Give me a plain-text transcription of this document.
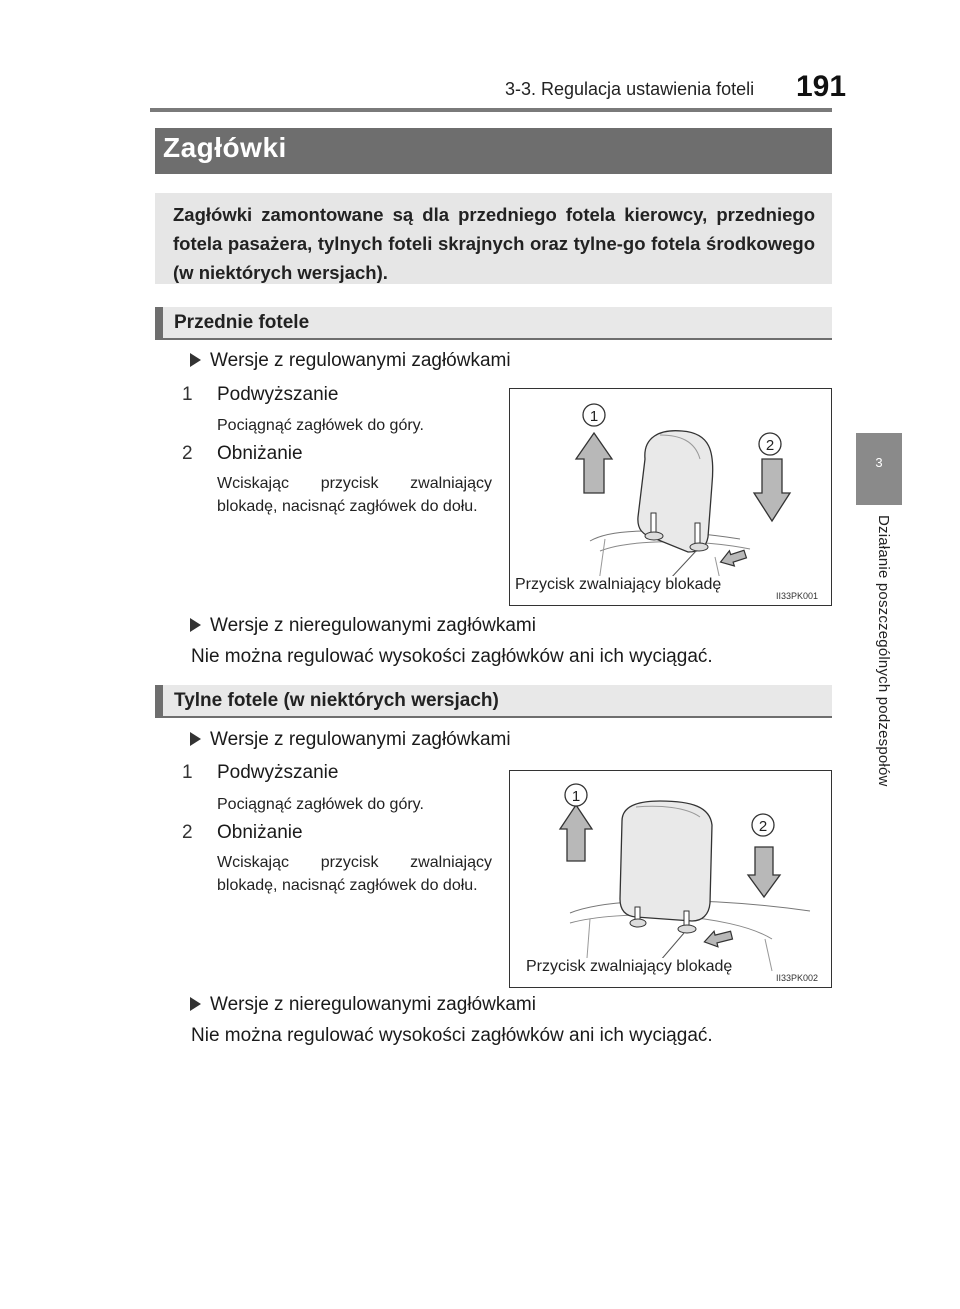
3-3. Regulacja ustawienia foteli 191
3
Działanie poszczególnych podzespołów
Zagłówki
Zagłówki zamontowane są dla przedniego fotela kierowcy, przedniego fotela pasażera, tylnych foteli skrajnych oraz tylne-go fotela środkowego (w niektórych wersjach).
Przednie fotele
Wersje z regulowanymi zagłówkami
1 Podwyższanie
Pociągnąć zagłówek do góry.
2 Obniżanie
Wciskając przycisk zwalniający blokadę, nacisnąć zagłówek do dołu.
1
2
Przycisk zwalniający blokadę
II33PK001
Wersje z nieregulowanymi zagłówkami
Nie można regulować wysokości zagłówków ani ich wyciągać.
Tylne fotele (w niektórych wersjach)
Wersje z regulowanymi zagłówkami
1 Podwyższanie
Pociągnąć zagłówek do góry.
2 Obniżanie
Wciskając przycisk zwalniający blokadę, nacisnąć zagłówek do dołu.
1
2
Przycisk zwalniający blokadę
II33PK002
Wersje z nieregulowanymi zagłówkami
Nie można regulować wysokości zagłówków ani ich wyciągać.
